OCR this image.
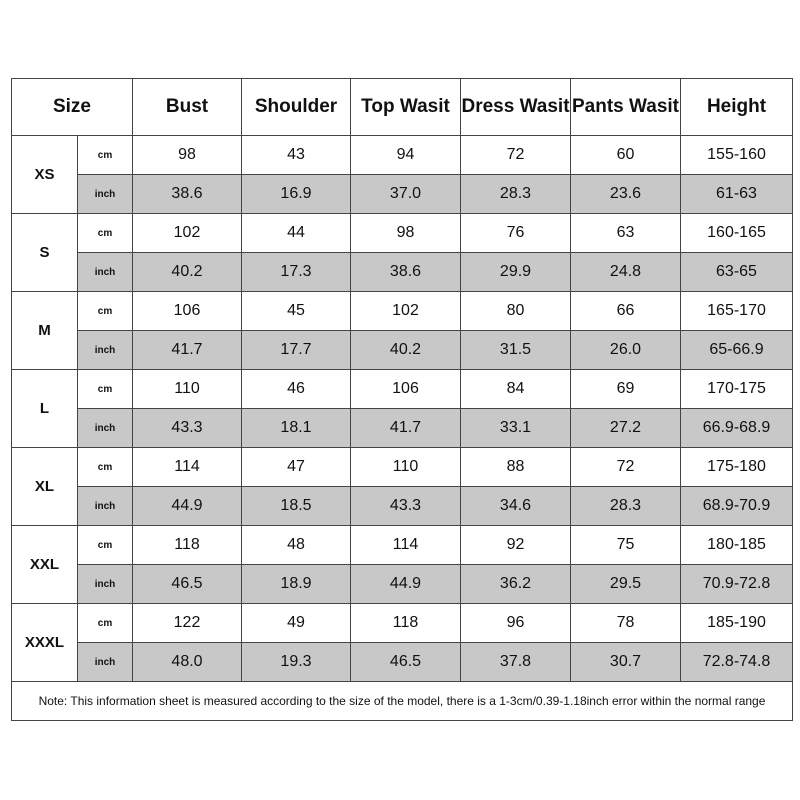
Size		Bust	Shoulder	Top Wasit	Dress Wasit	Pants Wasit	Height
XS	cm	98	43	94	72	60	155-160
	inch	38.6	16.9	37.0	28.3	23.6	61-63
S	cm	102	44	98	76	63	160-165
	inch	40.2	17.3	38.6	29.9	24.8	63-65
M	cm	106	45	102	80	66	165-170
	inch	41.7	17.7	40.2	31.5	26.0	65-66.9
L	cm	110	46	106	84	69	170-175
	inch	43.3	18.1	41.7	33.1	27.2	66.9-68.9
XL	cm	114	47	110	88	72	175-180
	inch	44.9	18.5	43.3	34.6	28.3	68.9-70.9
XXL	cm	118	48	114	92	75	180-185
	inch	46.5	18.9	44.9	36.2	29.5	70.9-72.8
XXXL	cm	122	49	118	96	78	185-190
	inch	48.0	19.3	46.5	37.8	30.7	72.8-74.8
Note: This information sheet is measured according to the size of the model, there is a 1-3cm/0.39-1.18inch error within the normal range							
